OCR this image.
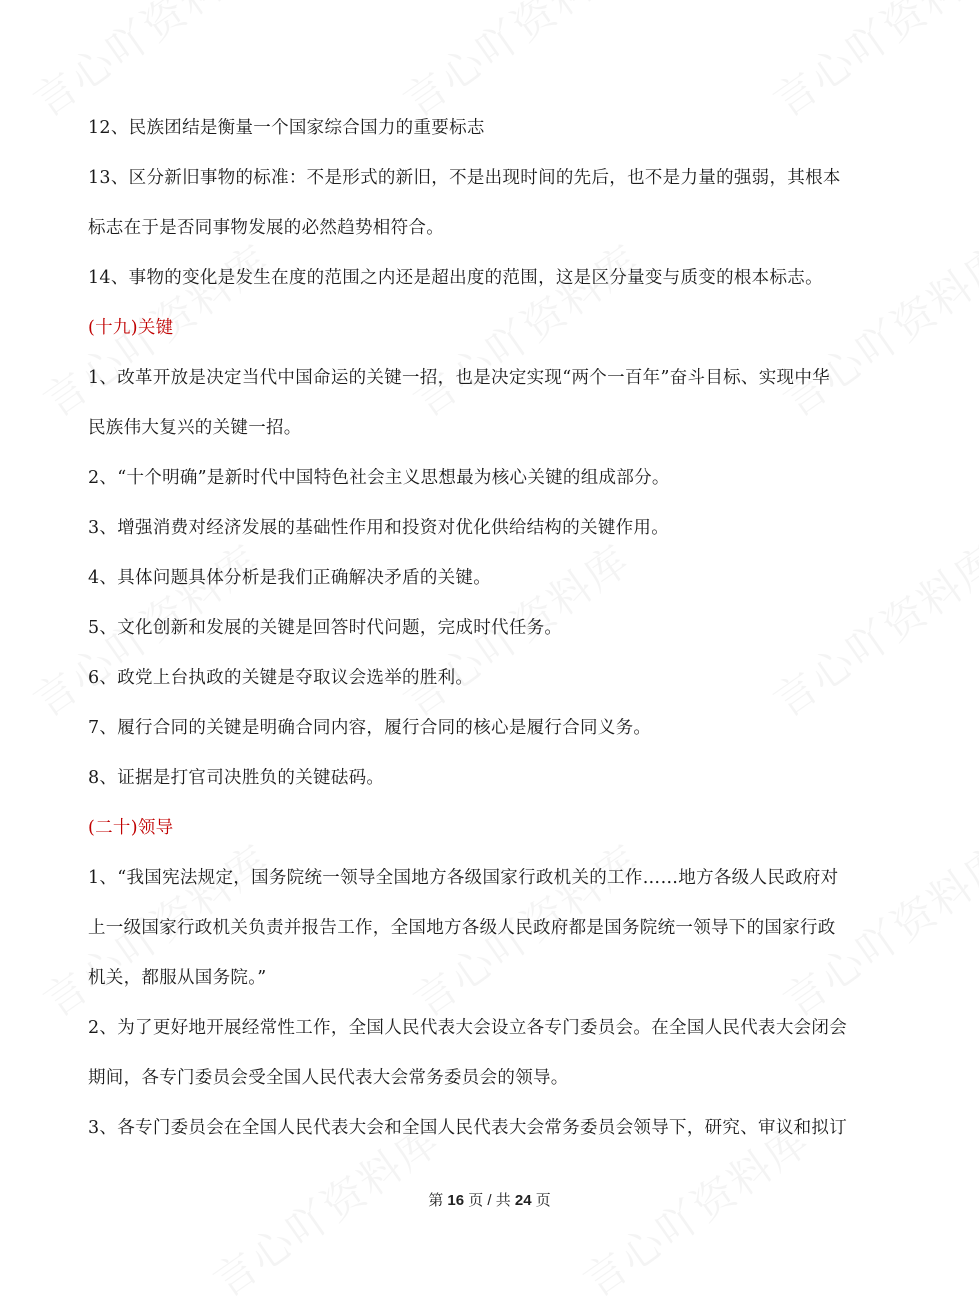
12、民族团结是衡量一个国家综合国力的重要标志
13、区分新旧事物的标准：不是形式的新旧，不是出现时间的先后，也不是力量的强弱，其根本
标志在于是否同事物发展的必然趋势相符合。
14、事物的变化是发生在度的范围之内还是超出度的范围，这是区分量变与质变的根本标志。
(十九)关键
1、改革开放是决定当代中国命运的关键一招，也是决定实现“两个一百年”奋斗目标、实现中华
民族伟大复兴的关键一招。
2、“十个明确”是新时代中国特色社会主义思想最为核心关键的组成部分。
3、增强消费对经济发展的基础性作用和投资对优化供给结构的关键作用。
4、具体问题具体分析是我们正确解决矛盾的关键。
5、文化创新和发展的关键是回答时代问题，完成时代任务。
6、政党上台执政的关键是夺取议会选举的胜利。
7、履行合同的关键是明确合同内容，履行合同的核心是履行合同义务。
8、证据是打官司决胜负的关键砝码。
(二十)领导
1、“我国宪法规定，国务院统一领导全国地方各级国家行政机关的工作……地方各级人民政府对
上一级国家行政机关负责并报告工作，全国地方各级人民政府都是国务院统一领导下的国家行政
机关，都服从国务院。”
2、为了更好地开展经常性工作，全国人民代表大会设立各专门委员会。在全国人民代表大会闭会
期间，各专门委员会受全国人民代表大会常务委员会的领导。
3、各专门委员会在全国人民代表大会和全国人民代表大会常务委员会领导下，研究、审议和拟订
第 16 页 / 共 24 页
